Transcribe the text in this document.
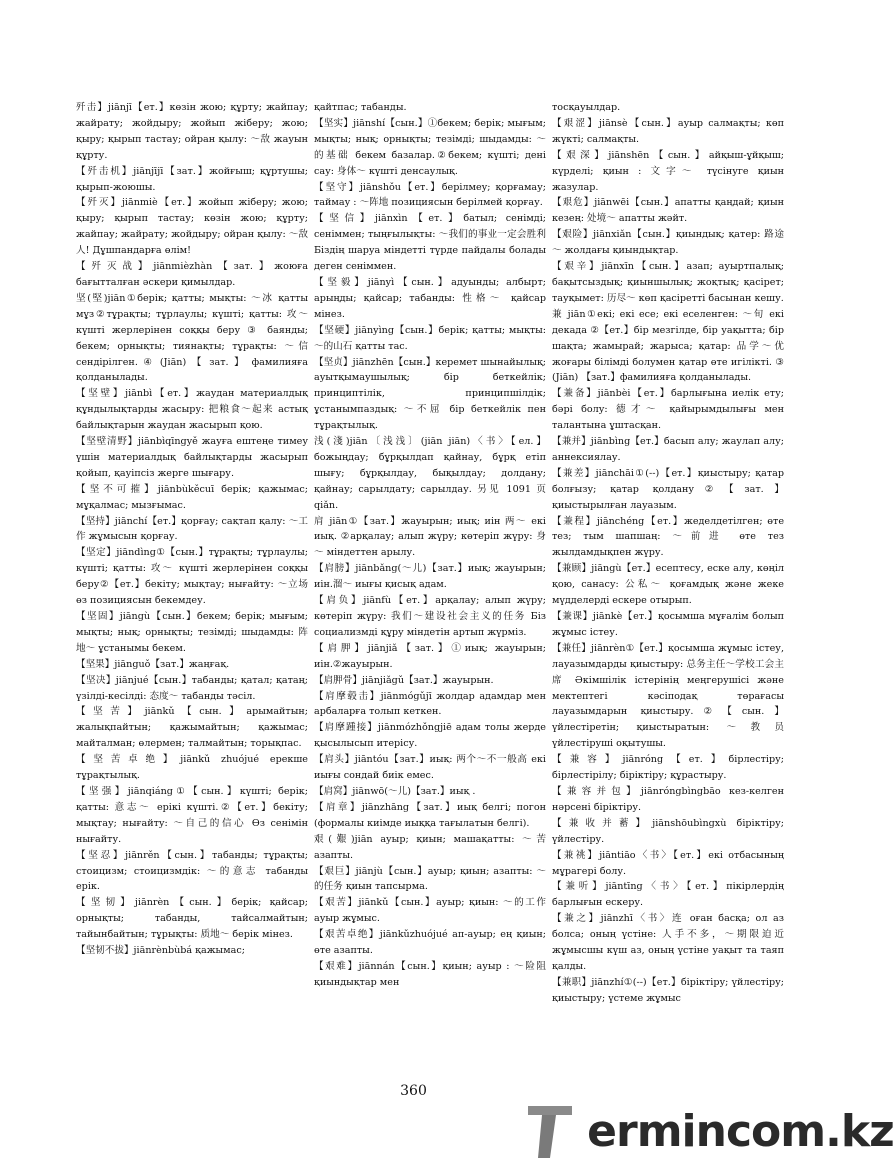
歼击】jiānjī【ет.】көзін жою; құрту; жайпау; жайрату; жойдыру; жойып жіберу; жою; қыру; қырып тастау; ойран қылу: ～敌 жауын құрту.

【歼击机】jiānjījī【зат.】жойғыш; құртушы; қырып-жоюшы.

【歼灭】jiānmiè【ет.】жойып жіберу; жою; қыру; қырып тастау; көзін жою; құрту; жайпау; жайрату; жойдыру; ойран қылу: ～敌人! Дұшпандарға өлім!

【歼灭战】jiānmièzhàn【зат.】жоюға бағытталған әскери қимылдар.

坚(堅)jiān①берік; қатты; мықты: ～冰 қатты мұз②тұрақты; тұрлаулы; күшті; қатты: 攻～ күшті жерлерінен соққы беру ③ баянды; бекем; орнықты; тиянақты; тұрақты: ～信 сендірілген. ④ (Jiān) 【 зат. 】 фамилияға қолданылады.

【坚壁】jiānbì【ет.】жаудан материалдық құндылықтарды жасыру: 把粮食～起来 астық байлықтарын жаудан жасырып қою.

【坚壁清野】jiānbìqīngyě жауға ештеңе тимеу үшін материалдық байлықтарды жасырып қойып, қауіпсіз жерге шығару.

【坚不可摧】jiānbùkěcuī берік; қажымас; мұқалмас; мызғымас.

【坚持】jiānchí【ет.】қорғау; сақтап қалу: ～工作 жұмысын қорғау.

【坚定】jiāndìng①【сын.】тұрақты; тұрлаулы; күшті; қатты: 攻～ күшті жерлерінен соққы беру②【ет.】бекіту; мықтау; нығайту: ～立场 өз позициясын бекемдеу.

【坚固】jiāngù【сын.】бекем; берік; мығым; мықты; нық; орнықты; тезімді; шыдамды: 阵地～ ұстанымы бекем.

【坚果】jiānguǒ【зат.】жаңғақ.

【坚决】jiānjué【сын.】табанды; қатал; қатаң; үзілді-кесілді: 态度～ табанды тәсіл.

【坚苦】jiānkǔ【сын.】арымайтын; жалықпайтын; қажымайтын; қажымас; майталман; өлермен; талмайтын; торықпас.

【坚苦卓绝】jiānkǔ zhuójué ерекше тұрақтылық.

【坚强】jiānqiáng①【сын.】күшті; берік; қатты: 意志～ ерікі күшті.②【ет.】бекіту; мықтау; нығайту: ～自己的信心 Өз сенімін нығайту.

【坚忍】jiānrěn【сын.】табанды; тұрақты; стоицизм; стоицизмдік: ～的意志 табанды ерік.

【坚韧】jiānrèn【сын.】берік; қайсар; орнықты; табанды, тайсалмайтын; тайынбайтын; тұрықты: 质地～ берік мінез.

【坚韧不拔】jiānrènbùbá қажымас;

қайтпас; табанды.

【坚实】jiānshí【сын.】①бекем; берік; мығым; мықты; нық; орнықты; тезімді; шыдамды: ～的基础 бекем базалар.②бекем; күшті; дені сау: 身体～ күшті денсаулық.

【坚守】jiānshǒu【ет.】берілмеу; қорғамау; таймау : ～阵地 позициясын берілмей қорғау.

【坚信】jiānxìn【ет.】батыл; сенімді; сеніммен; тыңғылықты: ～我们的事业一定会胜利 Біздің шаруа міндетті түрде пайдалы болады деген сеніммен.

【坚毅】jiānyì【сын.】адуынды; албырт; арыңды; қайсар; табанды: 性格～ қайсар мінез.

【坚硬】jiānyìng【сын.】берік; қатты; мықты: ～的山石 қатты тас.

【坚贞】jiānzhēn【сын.】керемет шынайылық; ауытқымаушылық; бір беткейлік; принциптілік, принципшілдік; ұстанымпаздық: ～不屈 бір беткейлік пен тұрақтылық.

浅(淺)jiān〔浅浅〕(jiān jiān)〈书〉【ел.】божыңдау; бұрқылдап қайнау, бұрқ етіп шығу; бұрқылдау, бықылдау; долдану; қайнау; сарылдату; сарылдау. 另见 1091 页 qiǎn.

肩 jiān①【зат.】жауырын; иық; иін 两～ екі иық. ②арқалау; алып жүру; көтеріп жүру: 身～ міндеттен арылу.

【肩膀】jiānbǎng(～儿)【зат.】иық; жауырын; иін.溜～ иығы қисық адам.

【肩负】jiānfù【ет.】арқалау; алып жүру; көтеріп жүру: 我们～建设社会主义的任务 Біз социализмді құру міндетін артып жүрміз.

【肩胛】jiānjiǎ【зат.】①иық; жауырын; иін.②жауырын.

【肩胛骨】jiānjiǎgǔ【зат.】жауырын.

【肩摩毂击】jiānmógǔjī жолдар адамдар мен арбаларға толып кеткен.

【肩摩踵接】jiānmózhǒngjiē адам толы жерде қысылысып итерісу.

【肩头】jiāntóu【зат.】иық: 两个～不一般高 екі иығы сондай биік емес.

【肩窝】jiānwō(～儿)【зат.】иық .

【肩章】jiānzhāng【зат.】иық белгі; погон (формалы киімде иыққа тағылатын белгі).

艰(艱)jiān ауыр; қиын; машақатты: ～苦 азапты.

【艰巨】jiānjù【сын.】ауыр; қиын; азапты: ～的任务 қиын тапсырма.

【艰苦】jiānkǔ【сын.】ауыр; қиын: ～的工作 ауыр жұмыс.

【艰苦卓绝】jiānkǔzhuójué ап-ауыр; ең қиын; өте азапты.

【艰难】jiānnán【сын.】қиын; ауыр : ～险阻 қиындықтар мен

тосқауылдар.

【艰涩】jiānsè【сын.】ауыр салмақты; көп жүкті; салмақты.

【艰深】jiānshēn【сын.】айқыш-ұйқыш; күрделі; қиын : 文字～ түсінуге қиын жазулар.

【艰危】jiānwēi【сын.】апатты қаңдай; қиын кезең: 处境～ апатты жәйт.

【艰险】jiānxiǎn【сын.】қиындық; қатер: 路途～ жолдағы қиындықтар.

【艰辛】jiānxīn【сын.】азап; ауыртпалық; бақытсыздық; қиыншылық; жоқтық; қасірет; тауқымет: 历尽～ көп қасіретті басынан кешу.

兼 jiān①екі; екі есе; екі еселенген: ～旬 екі декада ②【ет.】бір мезгілде, бір уақытта; бір шақта; жамырай; жарыса; қатар: 品学～优 жоғары білімді болумен қатар өте игілікті. ③ (Jiān) 【зат.】фамилияға қолданылады.

【兼备】jiānbèi【ет.】барлығына иелік ету; бәрі болу: 德才～ қайырымдылығы мен талантына ұштасқан.

【兼并】jiānbìng【ет.】басып алу; жаулап алу; аннексиялау.

【兼差】jiānchāi①(--)【ет.】қиыстыру; қатар болғызу; қатар қолдану②【зат.】қиыстырылған лауазым.

【兼程】jiānchéng【ет.】жеделдетілген; өте тез; тым шапшаң: ～前进 өте тез жылдамдықпен жүру.

【兼顾】jiāngù【ет.】есептесу, еске алу, көңіл қою, санасу: 公私～ қоғамдық және жеке мүдделерді ескере отырып.

【兼课】jiānkè【ет.】қосымша мұғалім болып жұмыс істеу.

【兼任】jiānrèn①【ет.】қосымша жұмыс істеу, лауазымдарды қиыстыру: 总务主任～学校工会主席 Әкімшілік істерінің меңгерушісі және мектептегі кәсіподақ төрағасы лауазымдарын қиыстыру.②【сын.】үйлестіретін; қиыстыратын: ～教员 үйлестіруші оқытушы.

【兼容】jiānróng【ет.】бірлестіру; бірлестірілу; біріктіру; құрастыру.

【兼容并包】jiānróngbìngbāo кез-келген нәрсені біріктіру.

【兼收并蓄】jiānshōubìngxù біріктіру; үйлестіру.

【兼祧】jiāntiāo〈书〉【ет.】екі отбасының мұрагері болу.

【兼听】jiāntīng〈书〉【ет.】пікірлердің барлығын ескеру.

【兼之】jiānzhī〈书〉连 оған басқа; ол аз болса; оның үстіне: 人手不多，～期限迫近 жұмысшы күш аз, оның үстіне уақыт та таяп қалды.

【兼职】jiānzhí①(--)【ет.】біріктіру; үйлестіру; қиыстыру; үстеме жұмыс

360
ermincom.kz
